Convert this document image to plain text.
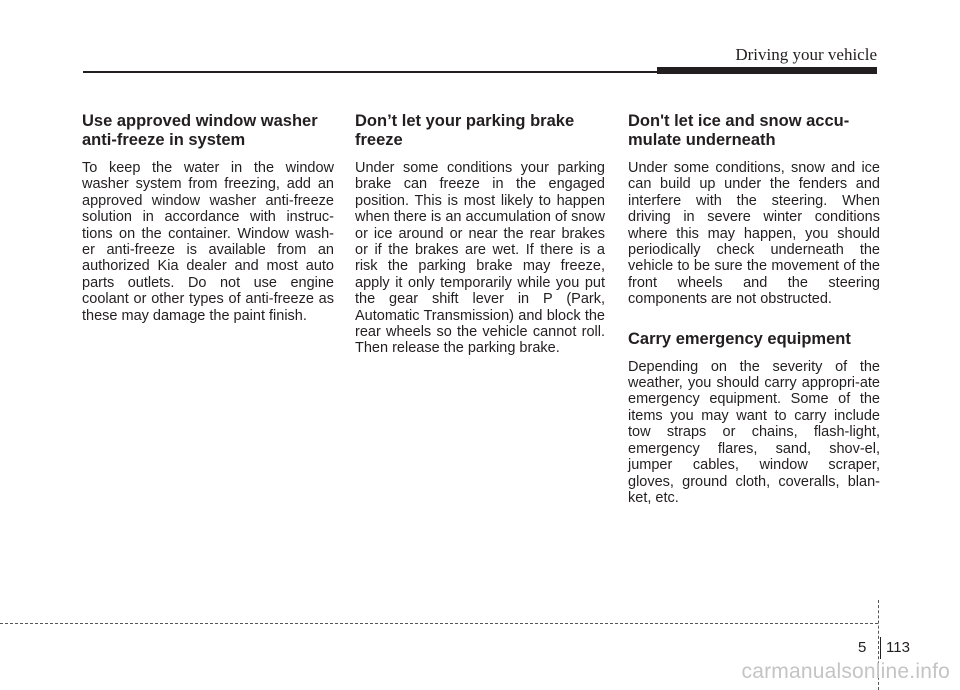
Driving your vehicle
Use approved window washer anti-freeze in system

To keep the water in the window washer system from freezing, add an approved window washer anti-freeze solution in accordance with instruc-tions on the container. Window wash-er anti-freeze is available from an authorized Kia dealer and most auto parts outlets. Do not use engine coolant or other types of anti-freeze as these may damage the paint finish.

Don’t let your parking brake freeze

Under some conditions your parking brake can freeze in the engaged position. This is most likely to happen when there is an accumulation of snow or ice around or near the rear brakes or if the brakes are wet. If there is a risk the parking brake may freeze, apply it only temporarily while you put the gear shift lever in P (Park, Automatic Transmission) and block the rear wheels so the vehicle cannot roll. Then release the parking brake.

Don't let ice and snow accu-mulate underneath

Under some conditions, snow and ice can build up under the fenders and interfere with the steering. When driving in severe winter conditions where this may happen, you should periodically check underneath the vehicle to be sure the movement of the front wheels and the steering components are not obstructed.

Carry emergency equipment

Depending on the severity of the weather, you should carry appropri-ate emergency equipment. Some of the items you may want to carry include tow straps or chains, flash-light, emergency flares, sand, shov-el, jumper cables, window scraper, gloves, ground cloth, coveralls, blan-ket, etc.

5 113
carmanualsonline.info
